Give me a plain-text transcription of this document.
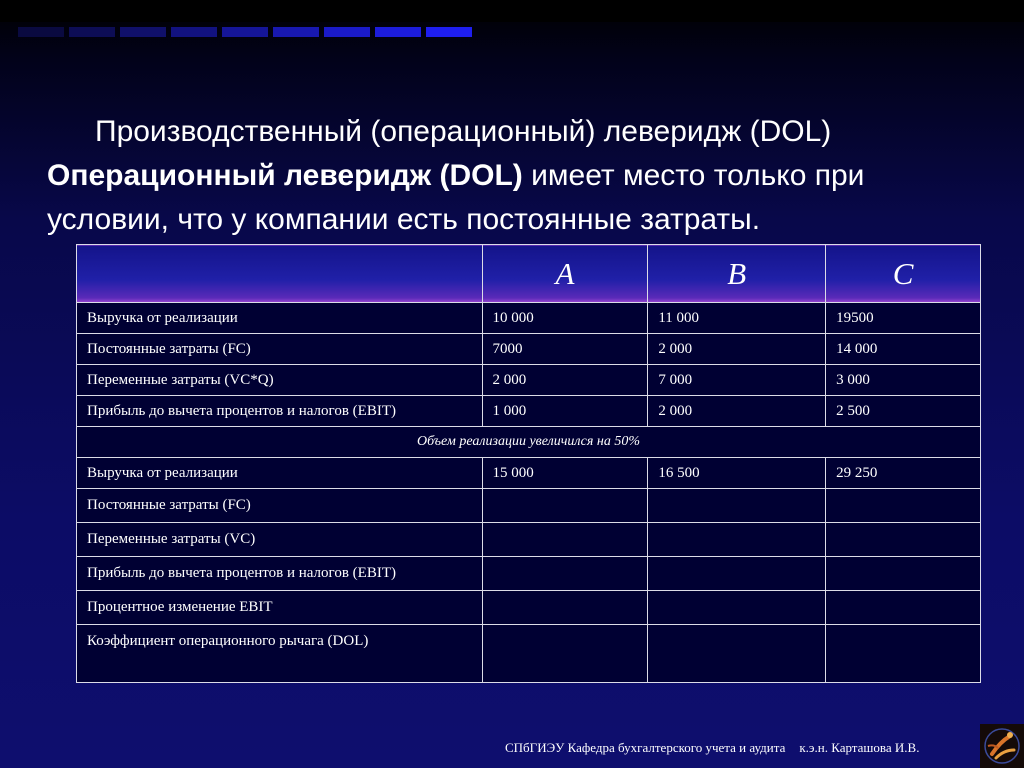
Производственный (операционный) леверидж (DOL)
Операционный леверидж (DOL) имеет место только при условии, что у компании есть постоянные затраты.
	A	B	C
Выручка от реализации	10 000	11 000	19500
Постоянные затраты (FC)	7000	2 000	14 000
Переменные затраты (VC*Q)	2 000	7 000	3 000
Прибыль до вычета процентов и налогов (EBIT)	1 000	2 000	2 500
Объем реализации увеличился на 50%			
Выручка от реализации	15 000	16 500	29 250
Постоянные затраты (FC)			
Переменные затраты (VC)			
Прибыль до вычета процентов и налогов (EBIT)			
Процентное изменение EBIT			
Коэффициент операционного рычага (DOL)			
СПбГИЭУ Кафедра бухгалтерского учета и аудита к.э.н. Карташова И.В.
